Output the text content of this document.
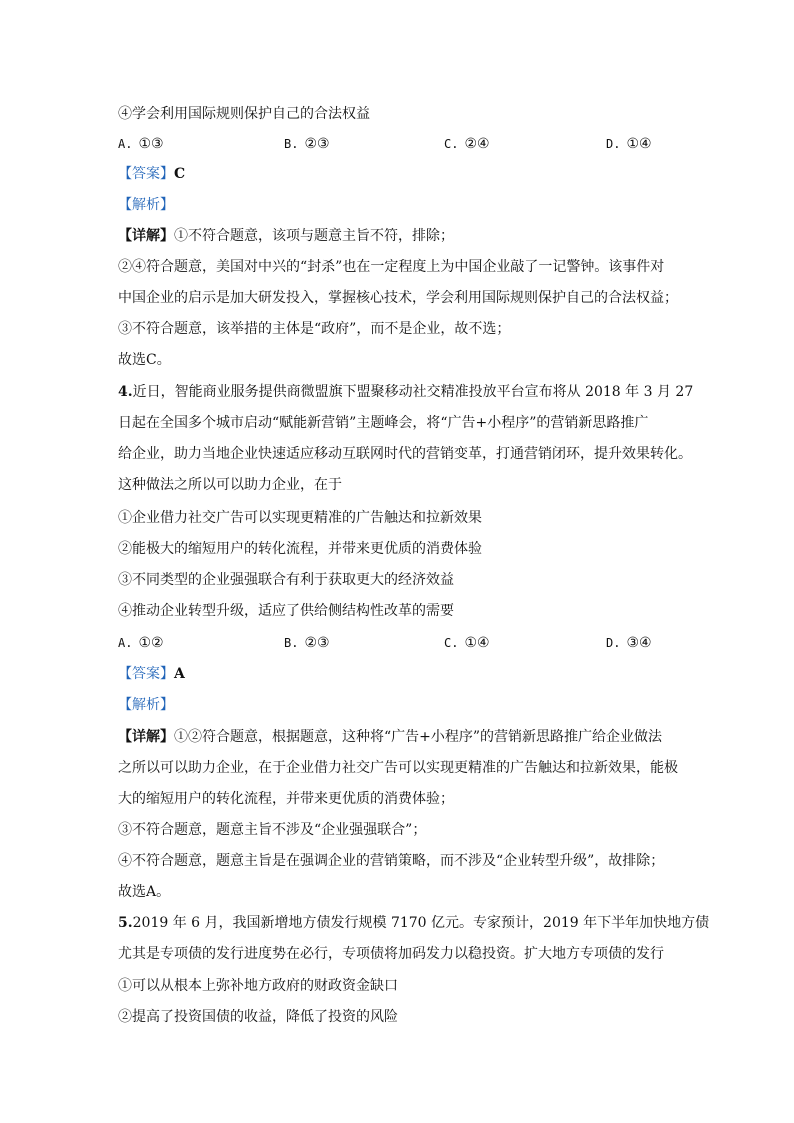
④学会利用国际规则保护自己的合法权益
A. ①③	B. ②③	C. ②④	D. ①④
【答案】C
【解析】
【详解】①不符合题意，该项与题意主旨不符，排除；
②④符合题意，美国对中兴的“封杀”也在一定程度上为中国企业敲了一记警钟。该事件对
中国企业的启示是加大研发投入，掌握核心技术，学会利用国际规则保护自己的合法权益；
③不符合题意，该举措的主体是“政府”，而不是企业，故不选；
故选C。
4.近日，智能商业服务提供商微盟旗下盟聚移动社交精准投放平台宣布将从 2018 年 3 月 27
日起在全国多个城市启动“赋能新营销”主题峰会，将“广告+小程序”的营销新思路推广
给企业，助力当地企业快速适应移动互联网时代的营销变革，打通营销闭环，提升效果转化。
这种做法之所以可以助力企业，在于
①企业借力社交广告可以实现更精准的广告触达和拉新效果
②能极大的缩短用户的转化流程，并带来更优质的消费体验
③不同类型的企业强强联合有利于获取更大的经济效益
④推动企业转型升级，适应了供给侧结构性改革的需要
A. ①②	B. ②③	C. ①④	D. ③④
【答案】A
【解析】
【详解】①②符合题意，根据题意，这种将“广告+小程序”的营销新思路推广给企业做法
之所以可以助力企业，在于企业借力社交广告可以实现更精准的广告触达和拉新效果，能极
大的缩短用户的转化流程，并带来更优质的消费体验；
③不符合题意，题意主旨不涉及“企业强强联合”；
④不符合题意，题意主旨是在强调企业的营销策略，而不涉及“企业转型升级”，故排除；
故选A。
5.2019 年 6 月，我国新增地方债发行规模 7170 亿元。专家预计，2019 年下半年加快地方债
尤其是专项债的发行进度势在必行，专项债将加码发力以稳投资。扩大地方专项债的发行
①可以从根本上弥补地方政府的财政资金缺口
②提高了投资国债的收益，降低了投资的风险
